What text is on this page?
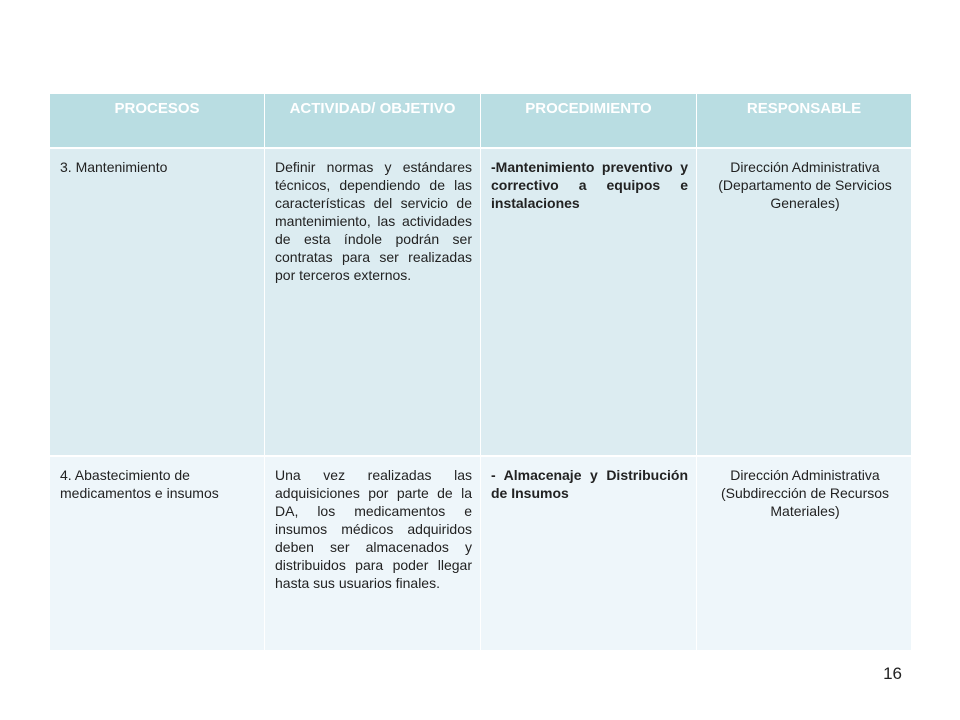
PROCESOS	ACTIVIDAD/ OBJETIVO	PROCEDIMIENTO	RESPONSABLE
3. Mantenimiento	Definir normas y estándares técnicos, dependiendo de las características del servicio de mantenimiento, las actividades de esta índole podrán ser contratas para ser realizadas por terceros externos.	-Mantenimiento preventivo y correctivo a equipos e instalaciones	Dirección Administrativa (Departamento de Servicios Generales)
4. Abastecimiento de medicamentos e insumos	Una vez realizadas las adquisiciones por parte de la DA, los medicamentos e insumos médicos adquiridos deben ser almacenados y distribuidos para poder llegar hasta sus usuarios finales.	- Almacenaje y Distribución de Insumos	Dirección Administrativa (Subdirección de Recursos Materiales)
16
